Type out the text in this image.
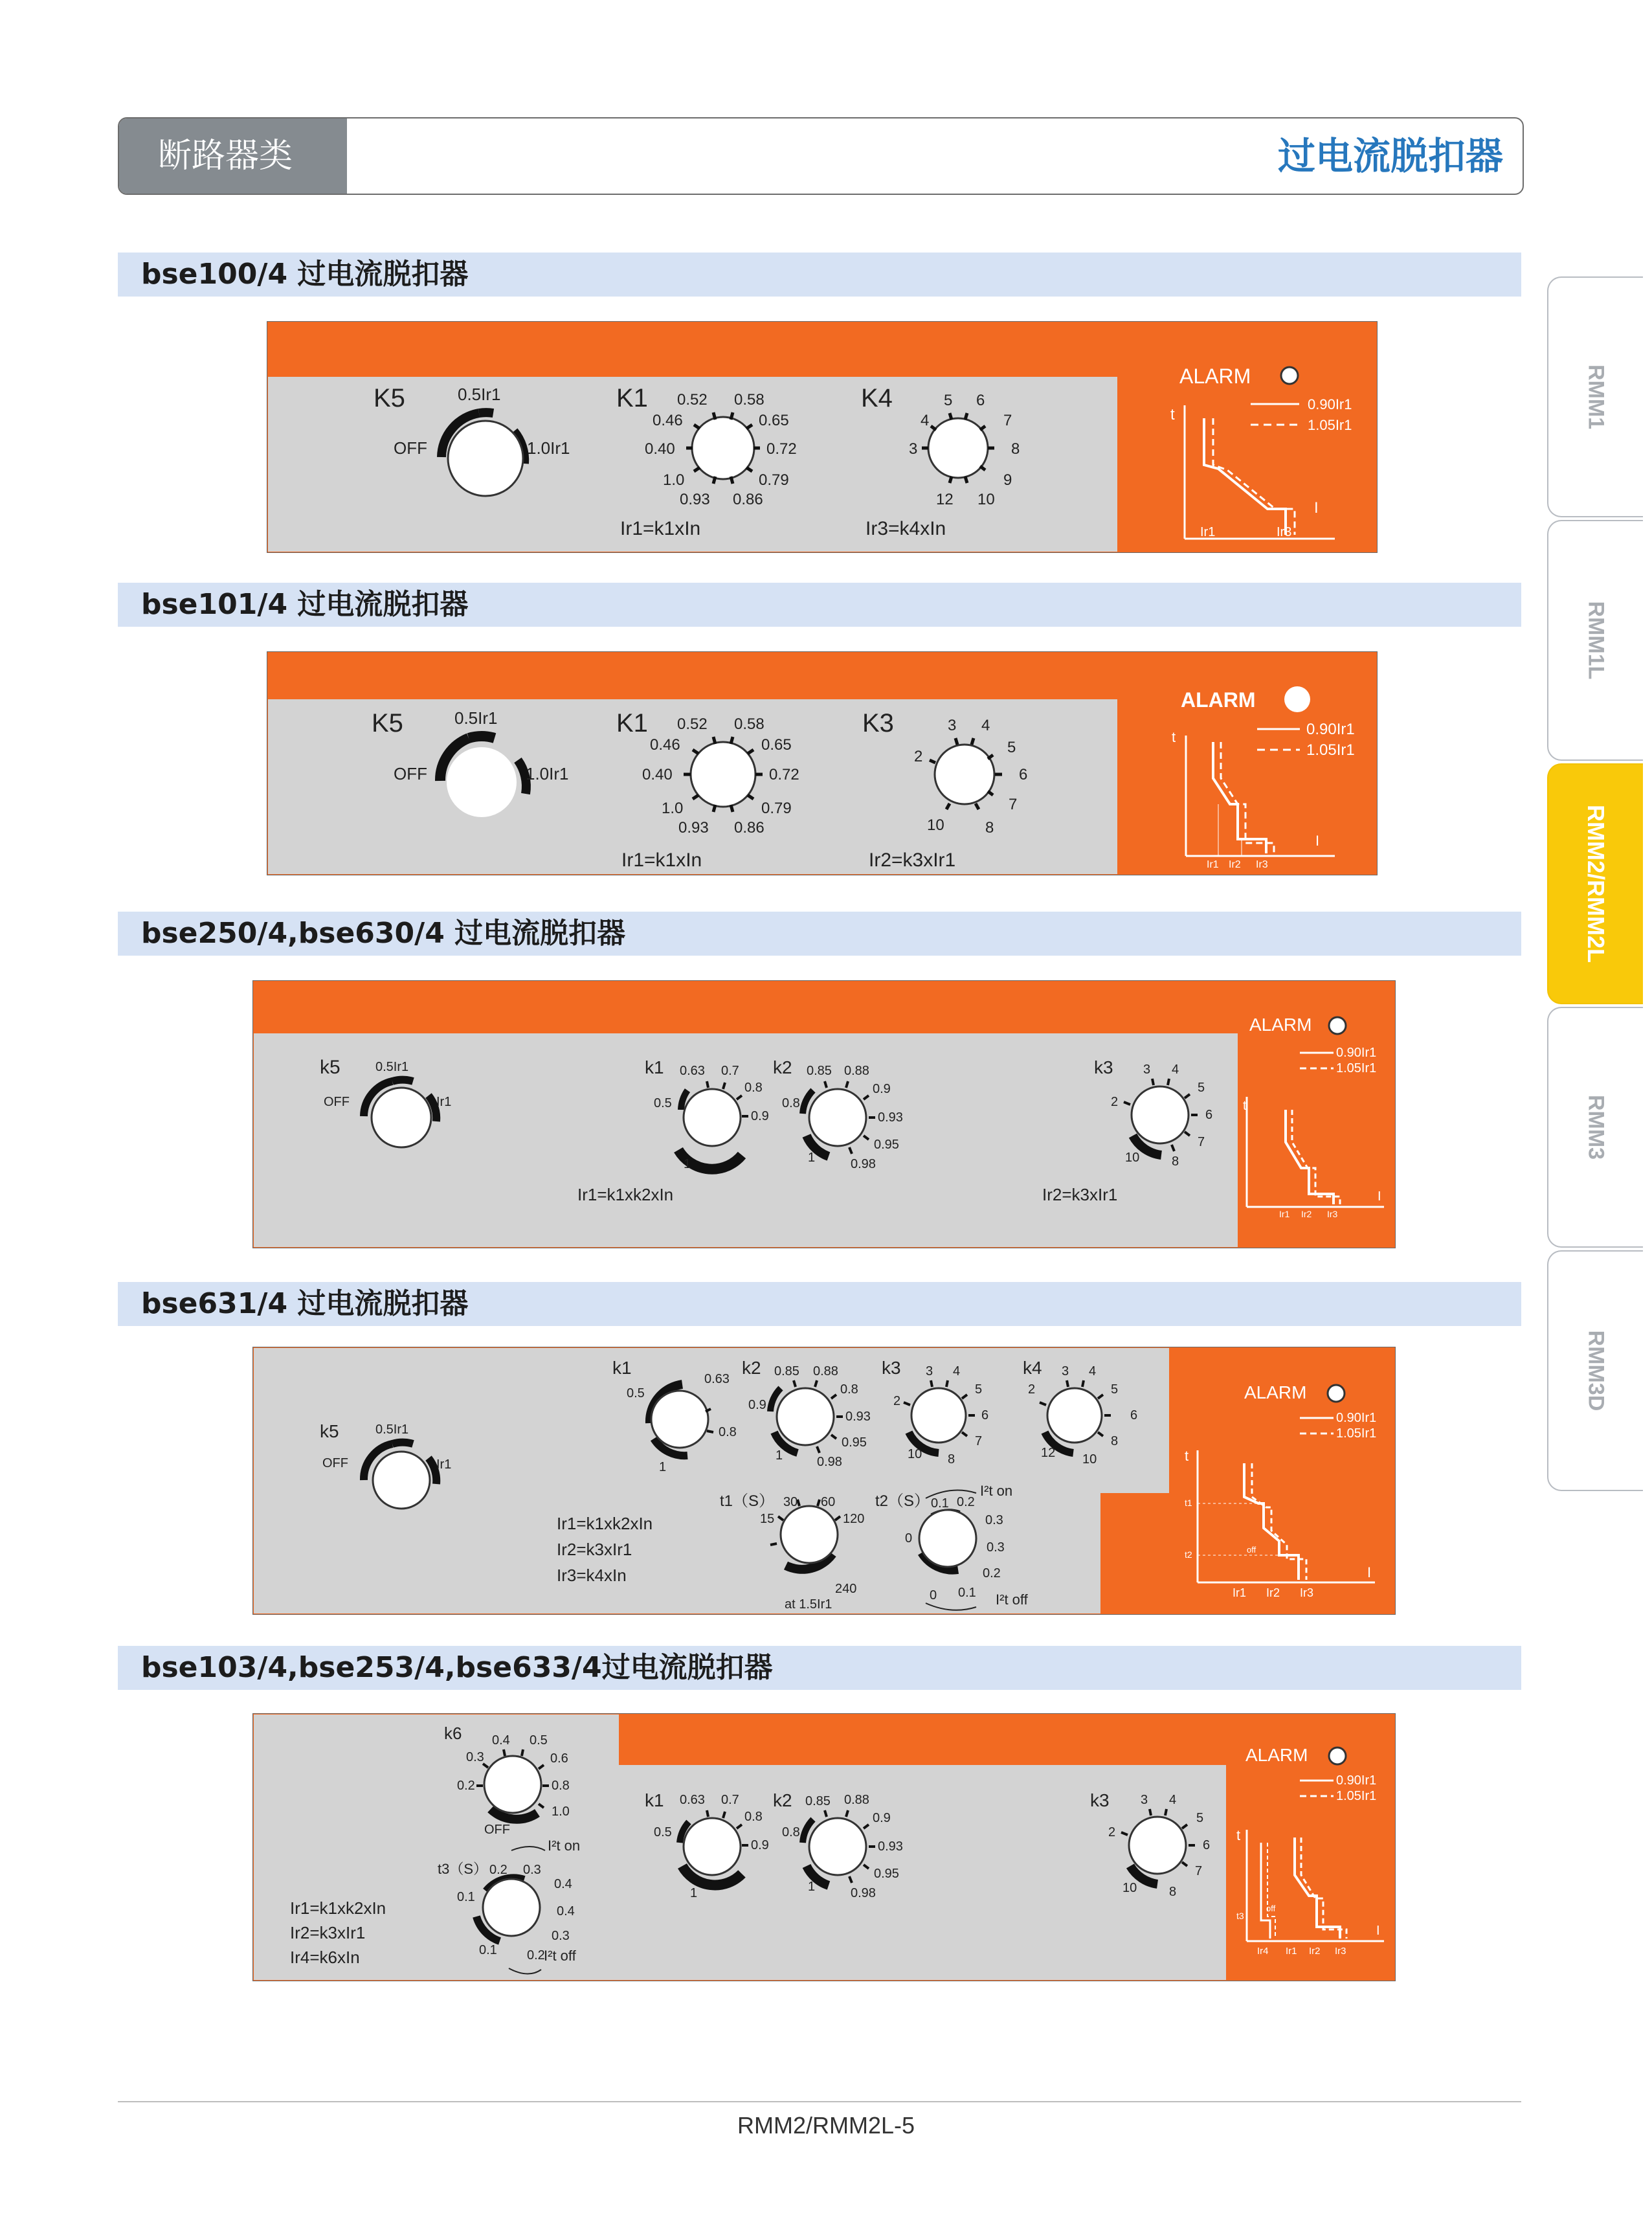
断路器类	过电流脱扣器
RMM1
RMM1L
RMM2/RMM2L
RMM3
RMM3D
bse100/4 过电流脱扣器
K5
OFF
0.5Ir1
1.0Ir1
K1 0.52 0.58
0.46	0.65
0.40	0.72
1.0	0.79
0.93 0.86
K4	5 6
4	7
3	8
9
12 10
Ir1=k1xIn	Ir3=k4xIn
ALARM
0.90Ir1
1.05Ir1
t
I
Ir1	Ir3
bse101/4 过电流脱扣器
K5
OFF
0.5Ir1
1.0Ir1
K1 0.52 0.58
0.46	0.65
0.40	0.72
1.0	0.79
0.93 0.86
K3	3 4
2
5
6
7
10	8
Ir1=k1xIn	Ir2=k3xIr1
ALARM
0.90Ir1
1.05Ir1
t
I
Ir1 Ir2 Ir3
bse250/4,bse630/4 过电流脱扣器
k5
OFF
0.5Ir1
Ir1
k1 0.63 0.7
0.8
0.5
0.9
1
k2 0.85 0.88
0.9
0.8
0.93
0.95
1	0.98
k3 3 4
2
5
6
7
10 8
Ir1=k1xk2xIn	Ir2=k3xIr1
ALARM
0.90Ir1
1.05Ir1
t
I
Ir1 Ir2 Ir3
bse631/4 过电流脱扣器
k5
OFF
0.5Ir1
Ir1
k1
0.63
0.5
0.8
1
k2 0.85 0.88
0.8
0.9
0.93
0.95
1	0.98
k3 3 4
2
5
6
7
10 8
k4 3 4
2	5
6
8
12 10
t1（S） 30 60
15	120
240
at 1.5Ir1
t2（S） 0.1 0.2
0.3
0
0.3
0.2
0.1
0
I²t on
I²t off
Ir1=k1xk2xIn
Ir2=k3xIr1
Ir3=k4xIn
ALARM
0.90Ir1
1.05Ir1
t
I
t1
t2	off
Ir1 Ir2 Ir3
bse103/4,bse253/4,bse633/4过电流脱扣器
k6 0.4 0.5
0.3	0.6
0.2	0.8
1.0
OFF
t3（S） 0.2 0.3
0.4
0.1
0.4
0.3
0.1 0.2
I²t on
I²t off
k1 0.63 0.7
0.8
0.5
0.9
1
k2 0.85 0.88
0.9
0.8
0.93
0.95
1	0.98
k3 3 4
2
5
6
7
10 8
Ir1=k1xk2xIn
Ir2=k3xIr1
Ir4=k6xIn
ALARM
0.90Ir1
1.05Ir1
t
I
t3
off
Ir4 Ir1 Ir2 Ir3
RMM2/RMM2L-5
